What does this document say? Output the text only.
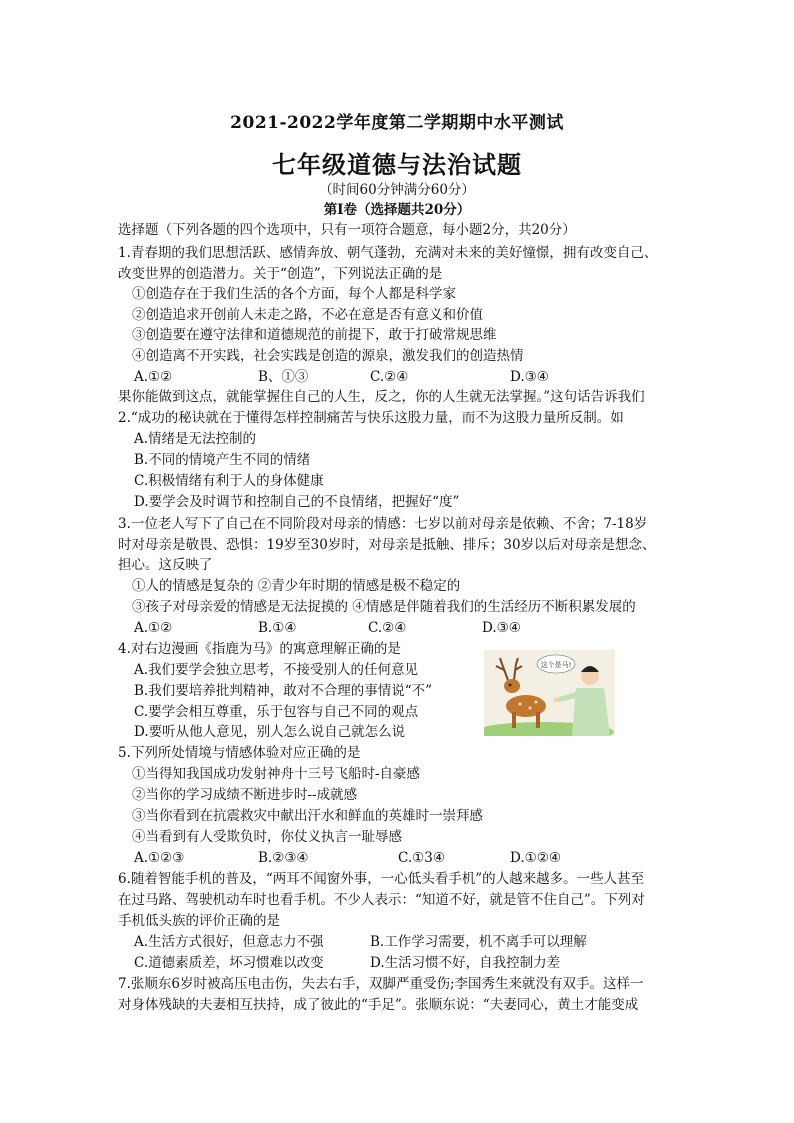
2021-2022学年度第二学期期中水平测试
七年级道德与法治试题
（时间60分钟满分60分）
第Ⅰ卷（选择题共20分）
选择题（下列各题的四个选项中，只有一项符合题意，每小题2分，共20分）
1.青春期的我们思想活跃、感情奔放、朝气蓬勃，充满对未来的美好憧憬，拥有改变自己、
改变世界的创造潜力。关于“创造”，下列说法正确的是
①创造存在于我们生活的各个方面，每个人都是科学家
②创造追求开创前人未走之路，不必在意是否有意义和价值
③创造要在遵守法律和道德规范的前提下，敢于打破常规思维
④创造离不开实践，社会实践是创造的源泉，激发我们的创造热情
A.①②	B、①③	C.②④	D.③④
果你能做到这点，就能掌握住自己的人生，反之，你的人生就无法掌握。”这句话告诉我们
2.“成功的秘诀就在于懂得怎样控制痛苦与快乐这股力量，而不为这股力量所反制。如
A.情绪是无法控制的
B.不同的情境产生不同的情绪
C.积极情绪有利于人的身体健康
D.要学会及时调节和控制自己的不良情绪，把握好“度”
3.一位老人写下了自己在不同阶段对母亲的情感：七岁以前对母亲是依赖、不舍；7-18岁
时对母亲是敬畏、恐惧：19岁至30岁时，对母亲是抵触、排斥；30岁以后对母亲是想念、
担心。这反映了
①人的情感是复杂的 ②青少年时期的情感是极不稳定的
③孩子对母亲爱的情感是无法捉摸的 ④情感是伴随着我们的生活经历不断积累发展的
A.①②	B.①④	C.②④	D.③④
4.对右边漫画《指鹿为马》的寓意理解正确的是
A.我们要学会独立思考，不接受别人的任何意见
B.我们要培养批判精神，敢对不合理的事情说“不”
C.要学会相互尊重，乐于包容与自己不同的观点
D.要听从他人意见，别人怎么说自己就怎么说
这个是马!
5.下列所处情境与情感体验对应正确的是
①当得知我国成功发射神舟十三号飞船时-自豪感
②当你的学习成绩不断进步时--成就感
③当你看到在抗震救灾中献出汗水和鲜血的英雄时一崇拜感
④当看到有人受欺负时，你仗义执言一耻辱感
A.①②③	B.②③④	C.①3④	D.①②④
6.随着智能手机的普及，“两耳不闻窗外事，一心低头看手机”的人越来越多。一些人甚至
在过马路、驾驶机动车时也看手机。不少人表示：“知道不好，就是管不住自己”。下列对
手机低头族的评价正确的是
A.生活方式很好，但意志力不强	B.工作学习需要，机不离手可以理解
C.道德素质差，坏习惯难以改变	D.生活习惯不好，自我控制力差
7.张顺东6岁时被高压电击伤，失去右手，双脚严重受伤;李国秀生来就没有双手。这样一
对身体残缺的夫妻相互扶持，成了彼此的“手足”。张顺东说：“夫妻同心，黄土才能变成
